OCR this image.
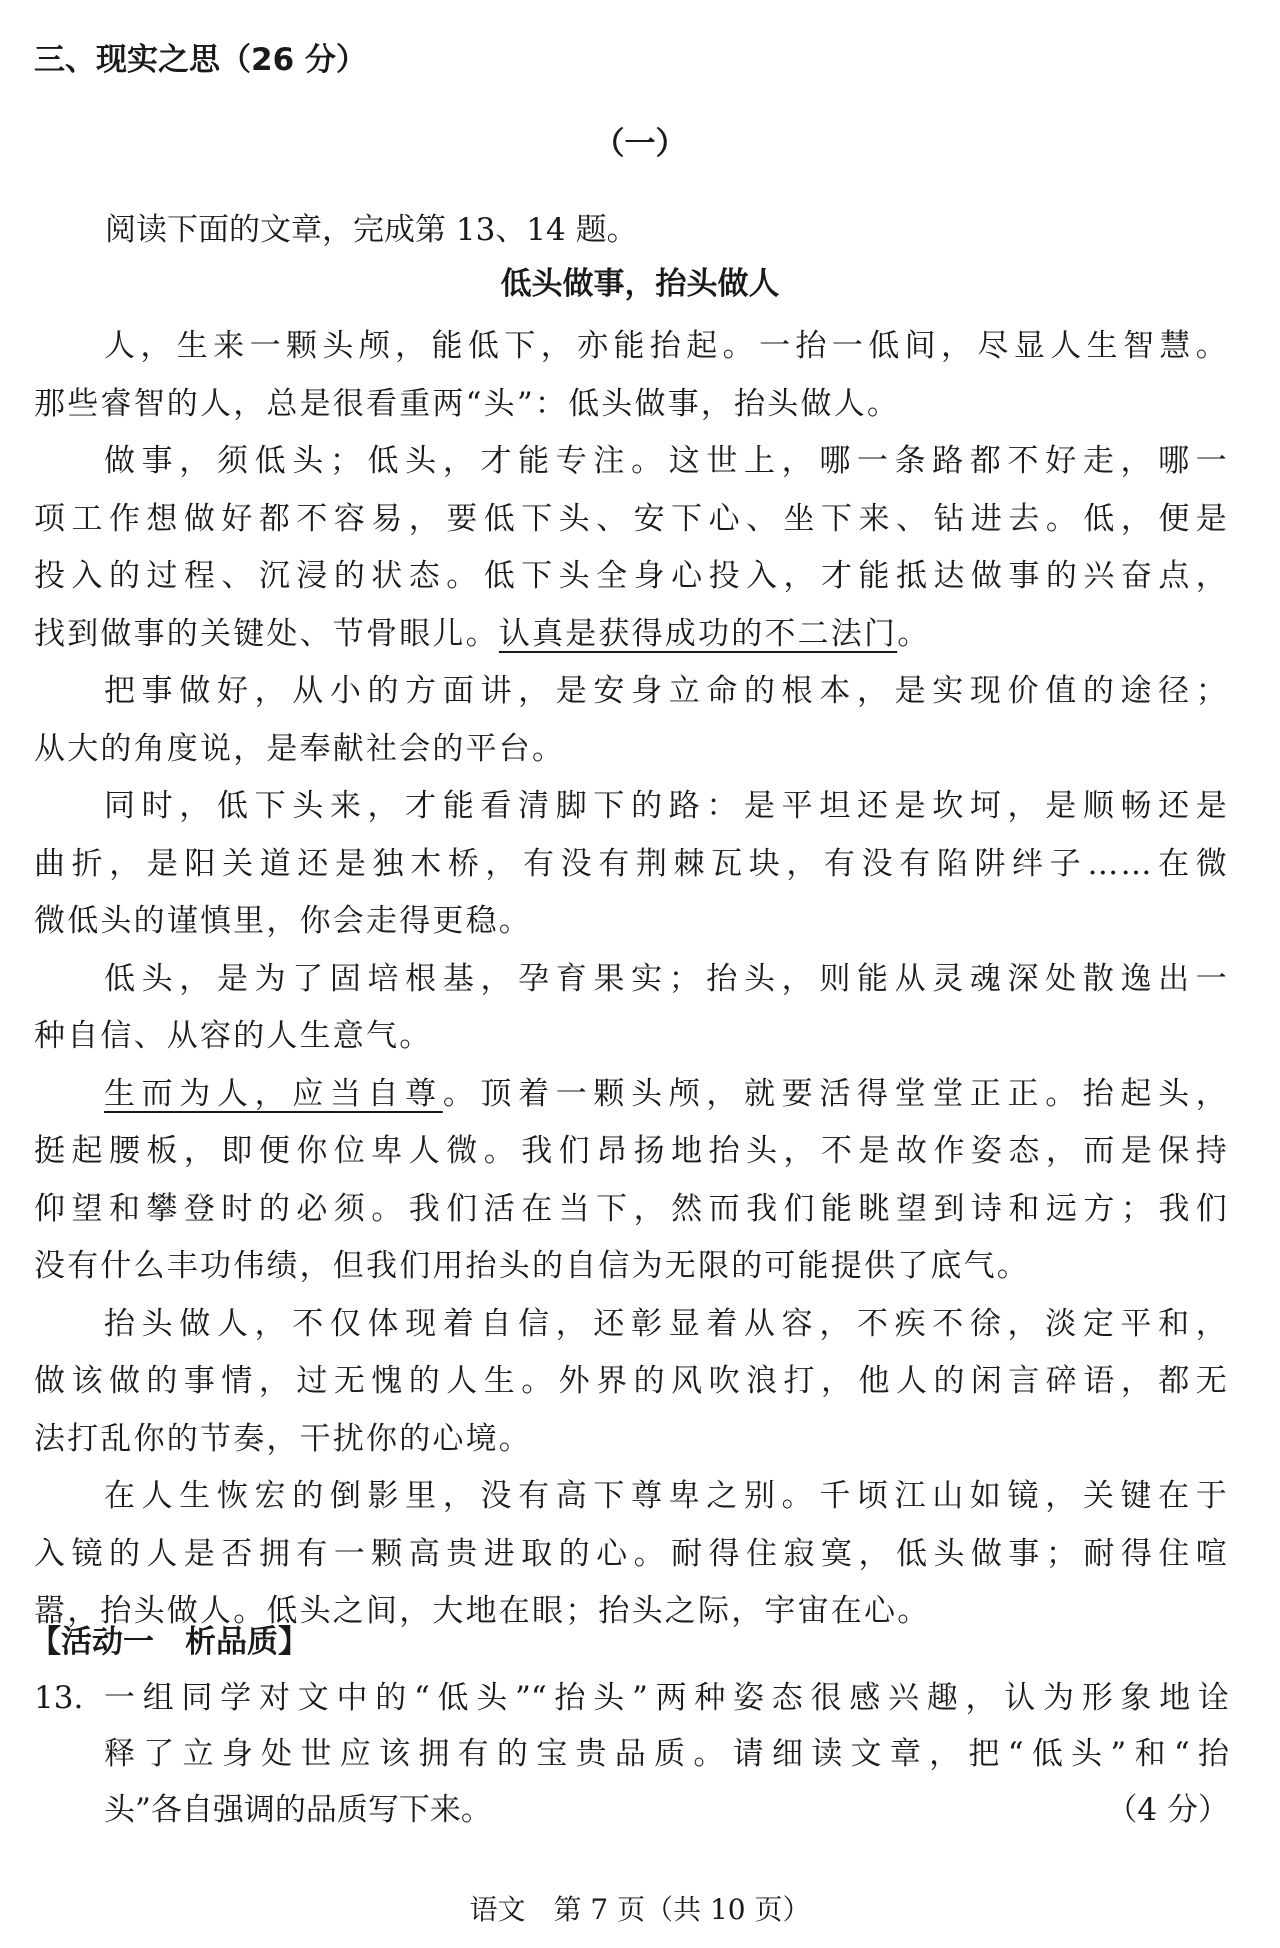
三、现实之思（26 分）
（一）
阅读下面的文章，完成第 13、14 题。
低头做事，抬头做人
人，生来一颗头颅，能低下，亦能抬起。一抬一低间，尽显人生智慧。
那些睿智的人，总是很看重两“头”：低头做事，抬头做人。
做事，须低头；低头，才能专注。这世上，哪一条路都不好走，哪一
项工作想做好都不容易，要低下头、安下心、坐下来、钻进去。低，便是
投入的过程、沉浸的状态。低下头全身心投入，才能抵达做事的兴奋点，
找到做事的关键处、节骨眼儿。认真是获得成功的不二法门。
把事做好，从小的方面讲，是安身立命的根本，是实现价值的途径；
从大的角度说，是奉献社会的平台。
同时，低下头来，才能看清脚下的路：是平坦还是坎坷，是顺畅还是
曲折，是阳关道还是独木桥，有没有荆棘瓦块，有没有陷阱绊子……在微
微低头的谨慎里，你会走得更稳。
低头，是为了固培根基，孕育果实；抬头，则能从灵魂深处散逸出一
种自信、从容的人生意气。
生而为人，应当自尊。顶着一颗头颅，就要活得堂堂正正。抬起头，
挺起腰板，即便你位卑人微。我们昂扬地抬头，不是故作姿态，而是保持
仰望和攀登时的必须。我们活在当下，然而我们能眺望到诗和远方；我们
没有什么丰功伟绩，但我们用抬头的自信为无限的可能提供了底气。
抬头做人，不仅体现着自信，还彰显着从容，不疾不徐，淡定平和，
做该做的事情，过无愧的人生。外界的风吹浪打，他人的闲言碎语，都无
法打乱你的节奏，干扰你的心境。
在人生恢宏的倒影里，没有高下尊卑之别。千顷江山如镜，关键在于
入镜的人是否拥有一颗高贵进取的心。耐得住寂寞，低头做事；耐得住喧
嚣，抬头做人。低头之间，大地在眼；抬头之际，宇宙在心。
【活动一　析品质】
13. 一组同学对文中的“低头”“抬头”两种姿态很感兴趣，认为形象地诠
释了立身处世应该拥有的宝贵品质。请细读文章，把“低头”和“抬
头”各自强调的品质写下来。	（4 分）
语文　第 7 页（共 10 页）
